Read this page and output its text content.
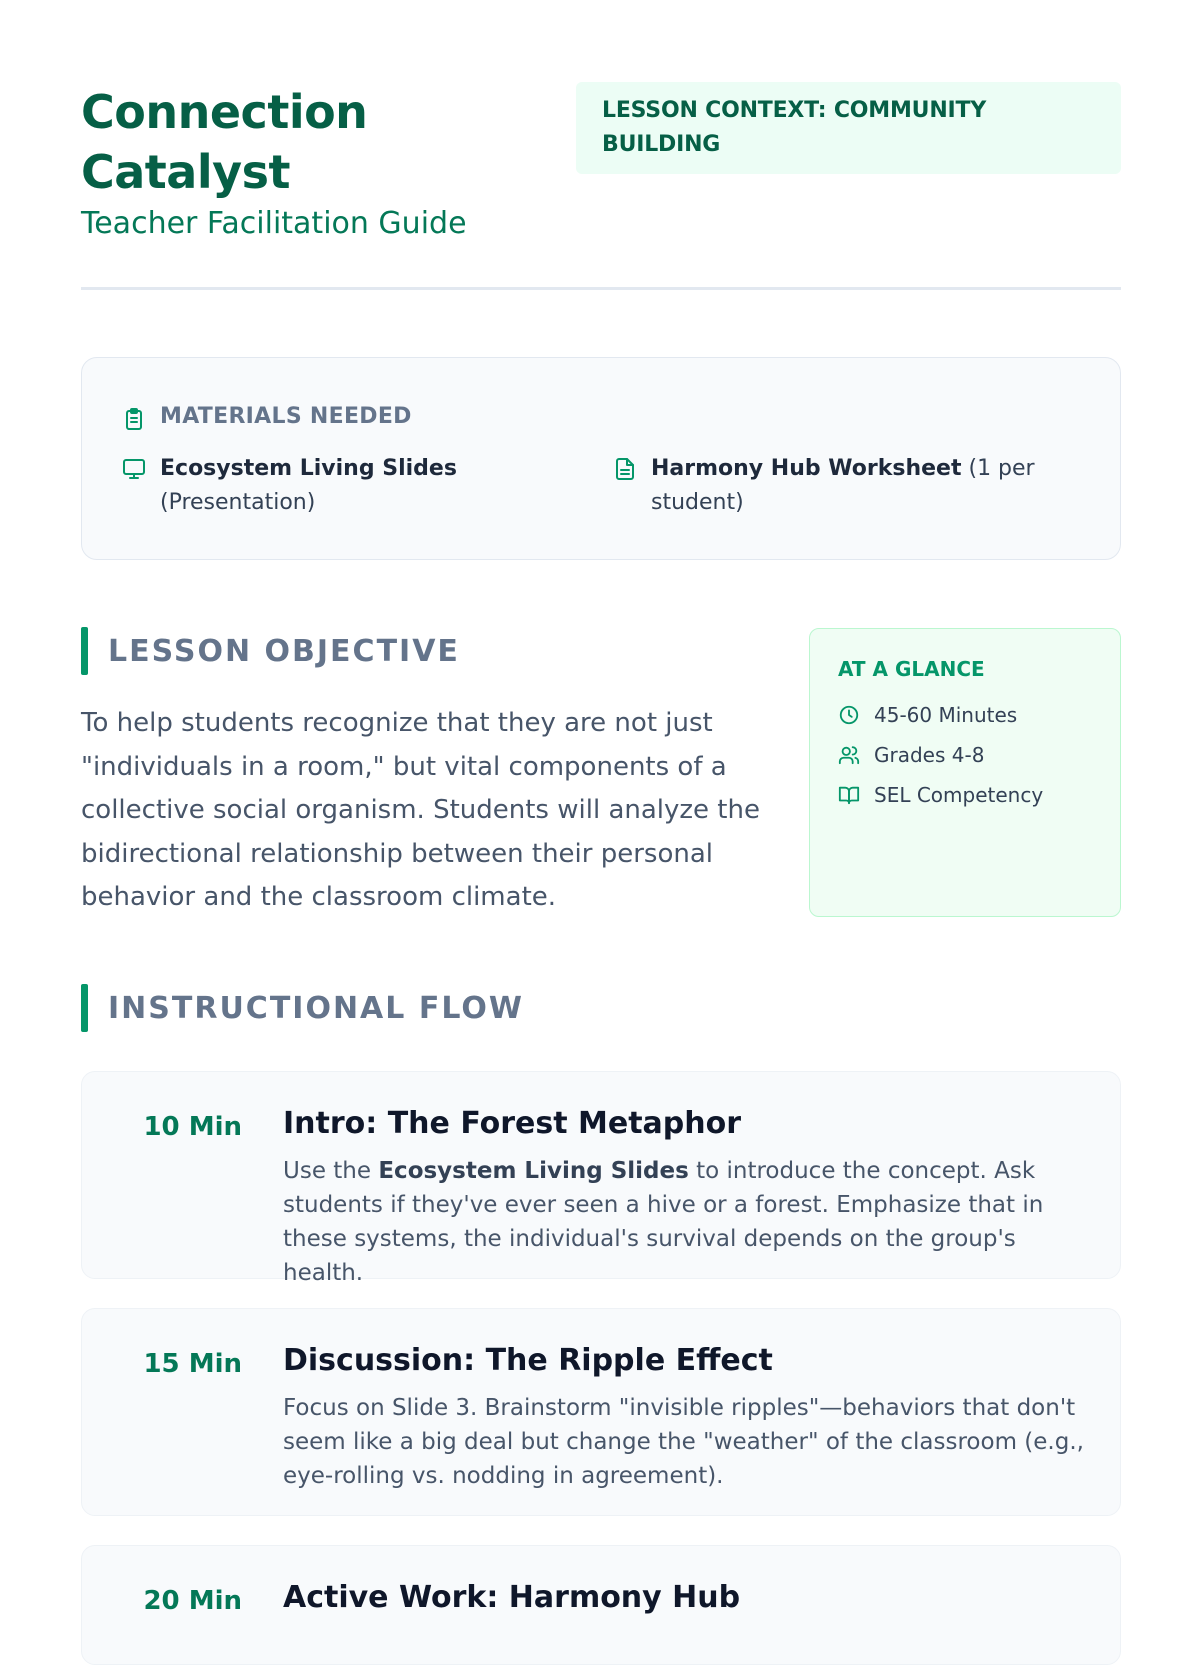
Connection Catalyst
Teacher Facilitation Guide
LESSON CONTEXT: COMMUNITY BUILDING
MATERIALS NEEDED
Ecosystem Living Slides
(Presentation)
Harmony Hub Worksheet (1 per student)
LESSON OBJECTIVE

To help students recognize that they are not just "individuals in a room," but vital components of a collective social organism. Students will analyze the bidirectional relationship between their personal behavior and the classroom climate.

AT A GLANCE
45-60 Minutes
Grades 4-8
SEL Competency
INSTRUCTIONAL FLOW
10 Min Intro: The Forest Metaphor
Use the Ecosystem Living Slides to introduce the concept. Ask students if they've ever seen a hive or a forest. Emphasize that in these systems, the individual's survival depends on the group's health.
15 Min Discussion: The Ripple Effect
Focus on Slide 3. Brainstorm "invisible ripples"—behaviors that don't seem like a big deal but change the "weather" of the classroom (e.g., eye-rolling vs. nodding in agreement).
20 Min Active Work: Harmony Hub
